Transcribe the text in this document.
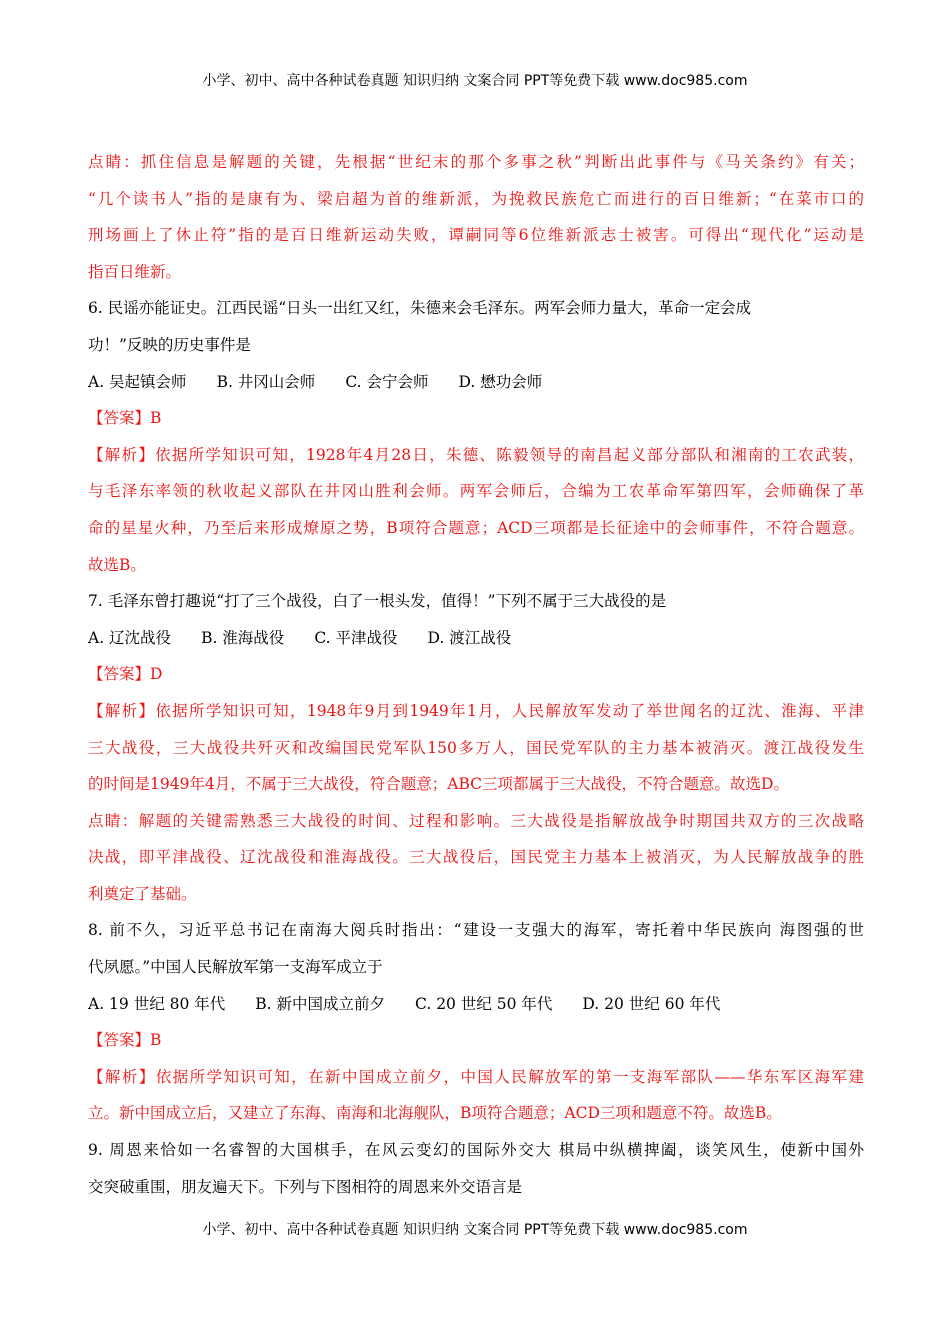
小学、初中、高中各种试卷真题 知识归纳 文案合同 PPT等免费下载 www.doc985.com
点睛：抓住信息是解题的关键，先根据“世纪末的那个多事之秋”判断出此事件与《马关条约》有关；
“几个读书人”指的是康有为、梁启超为首的维新派，为挽救民族危亡而进行的百日维新；“在菜市口的
刑场画上了休止符”指的是百日维新运动失败，谭嗣同等6位维新派志士被害。可得出“现代化”运动是
指百日维新。
6. 民谣亦能证史。江西民谣“日头一出红又红，朱德来会毛泽东。两军会师力量大，革命一定会成
功！”反映的历史事件是
A. 吴起镇会师 B. 井冈山会师 C. 会宁会师 D. 懋功会师
【答案】B
【解析】依据所学知识可知，1928年4月28日，朱德、陈毅领导的南昌起义部分部队和湘南的工农武装，
与毛泽东率领的秋收起义部队在井冈山胜利会师。两军会师后，合编为工农革命军第四军，会师确保了革
命的星星火种，乃至后来形成燎原之势，B项符合题意；ACD三项都是长征途中的会师事件，不符合题意。
故选B。
7. 毛泽东曾打趣说“打了三个战役，白了一根头发，值得！”下列不属于三大战役的是
A. 辽沈战役 B. 淮海战役 C. 平津战役 D. 渡江战役
【答案】D
【解析】依据所学知识可知，1948年9月到1949年1月，人民解放军发动了举世闻名的辽沈、淮海、平津
三大战役，三大战役共歼灭和改编国民党军队150多万人，国民党军队的主力基本被消灭。渡江战役发生
的时间是1949年4月，不属于三大战役，符合题意；ABC三项都属于三大战役，不符合题意。故选D。
点睛：解题的关键需熟悉三大战役的时间、过程和影响。三大战役是指解放战争时期国共双方的三次战略
决战，即平津战役、辽沈战役和淮海战役。三大战役后，国民党主力基本上被消灭，为人民解放战争的胜
利奠定了基础。
8. 前不久，习近平总书记在南海大阅兵时指出：“建设一支强大的海军，寄托着中华民族向 海图强的世
代夙愿。”中国人民解放军第一支海军成立于
A. 19 世纪 80 年代 B. 新中国成立前夕 C. 20 世纪 50 年代 D. 20 世纪 60 年代
【答案】B
【解析】依据所学知识可知，在新中国成立前夕，中国人民解放军的第一支海军部队——华东军区海军建
立。新中国成立后，又建立了东海、南海和北海舰队，B项符合题意；ACD三项和题意不符。故选B。
9. 周恩来恰如一名睿智的大国棋手，在风云变幻的国际外交大 棋局中纵横捭阖，谈笑风生，使新中国外
交突破重围，朋友遍天下。下列与下图相符的周恩来外交语言是
小学、初中、高中各种试卷真题 知识归纳 文案合同 PPT等免费下载 www.doc985.com
